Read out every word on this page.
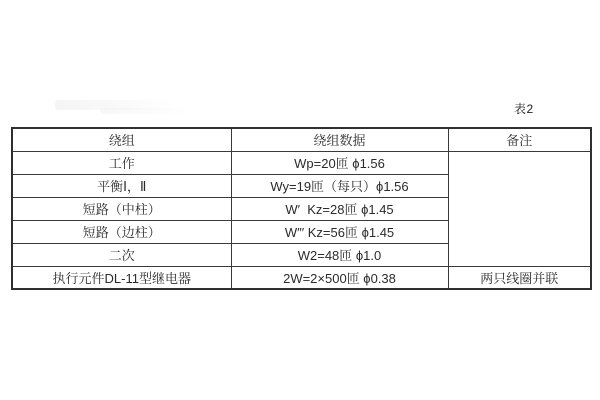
表2
绕组	绕组数据	备注
工作	Wp=20匝 ϕ1.56	
平衡Ⅰ，Ⅱ	Wy=19匝（每只）ϕ1.56	
短路（中柱）	W′  Kz=28匝 ϕ1.45	
短路（边柱）	W″′ Kz=56匝 ϕ1.45	
二次	W2=48匝 ϕ1.0	
执行元件DL-11型继电器	2W=2×500匝 ϕ0.38	两只线圈并联
